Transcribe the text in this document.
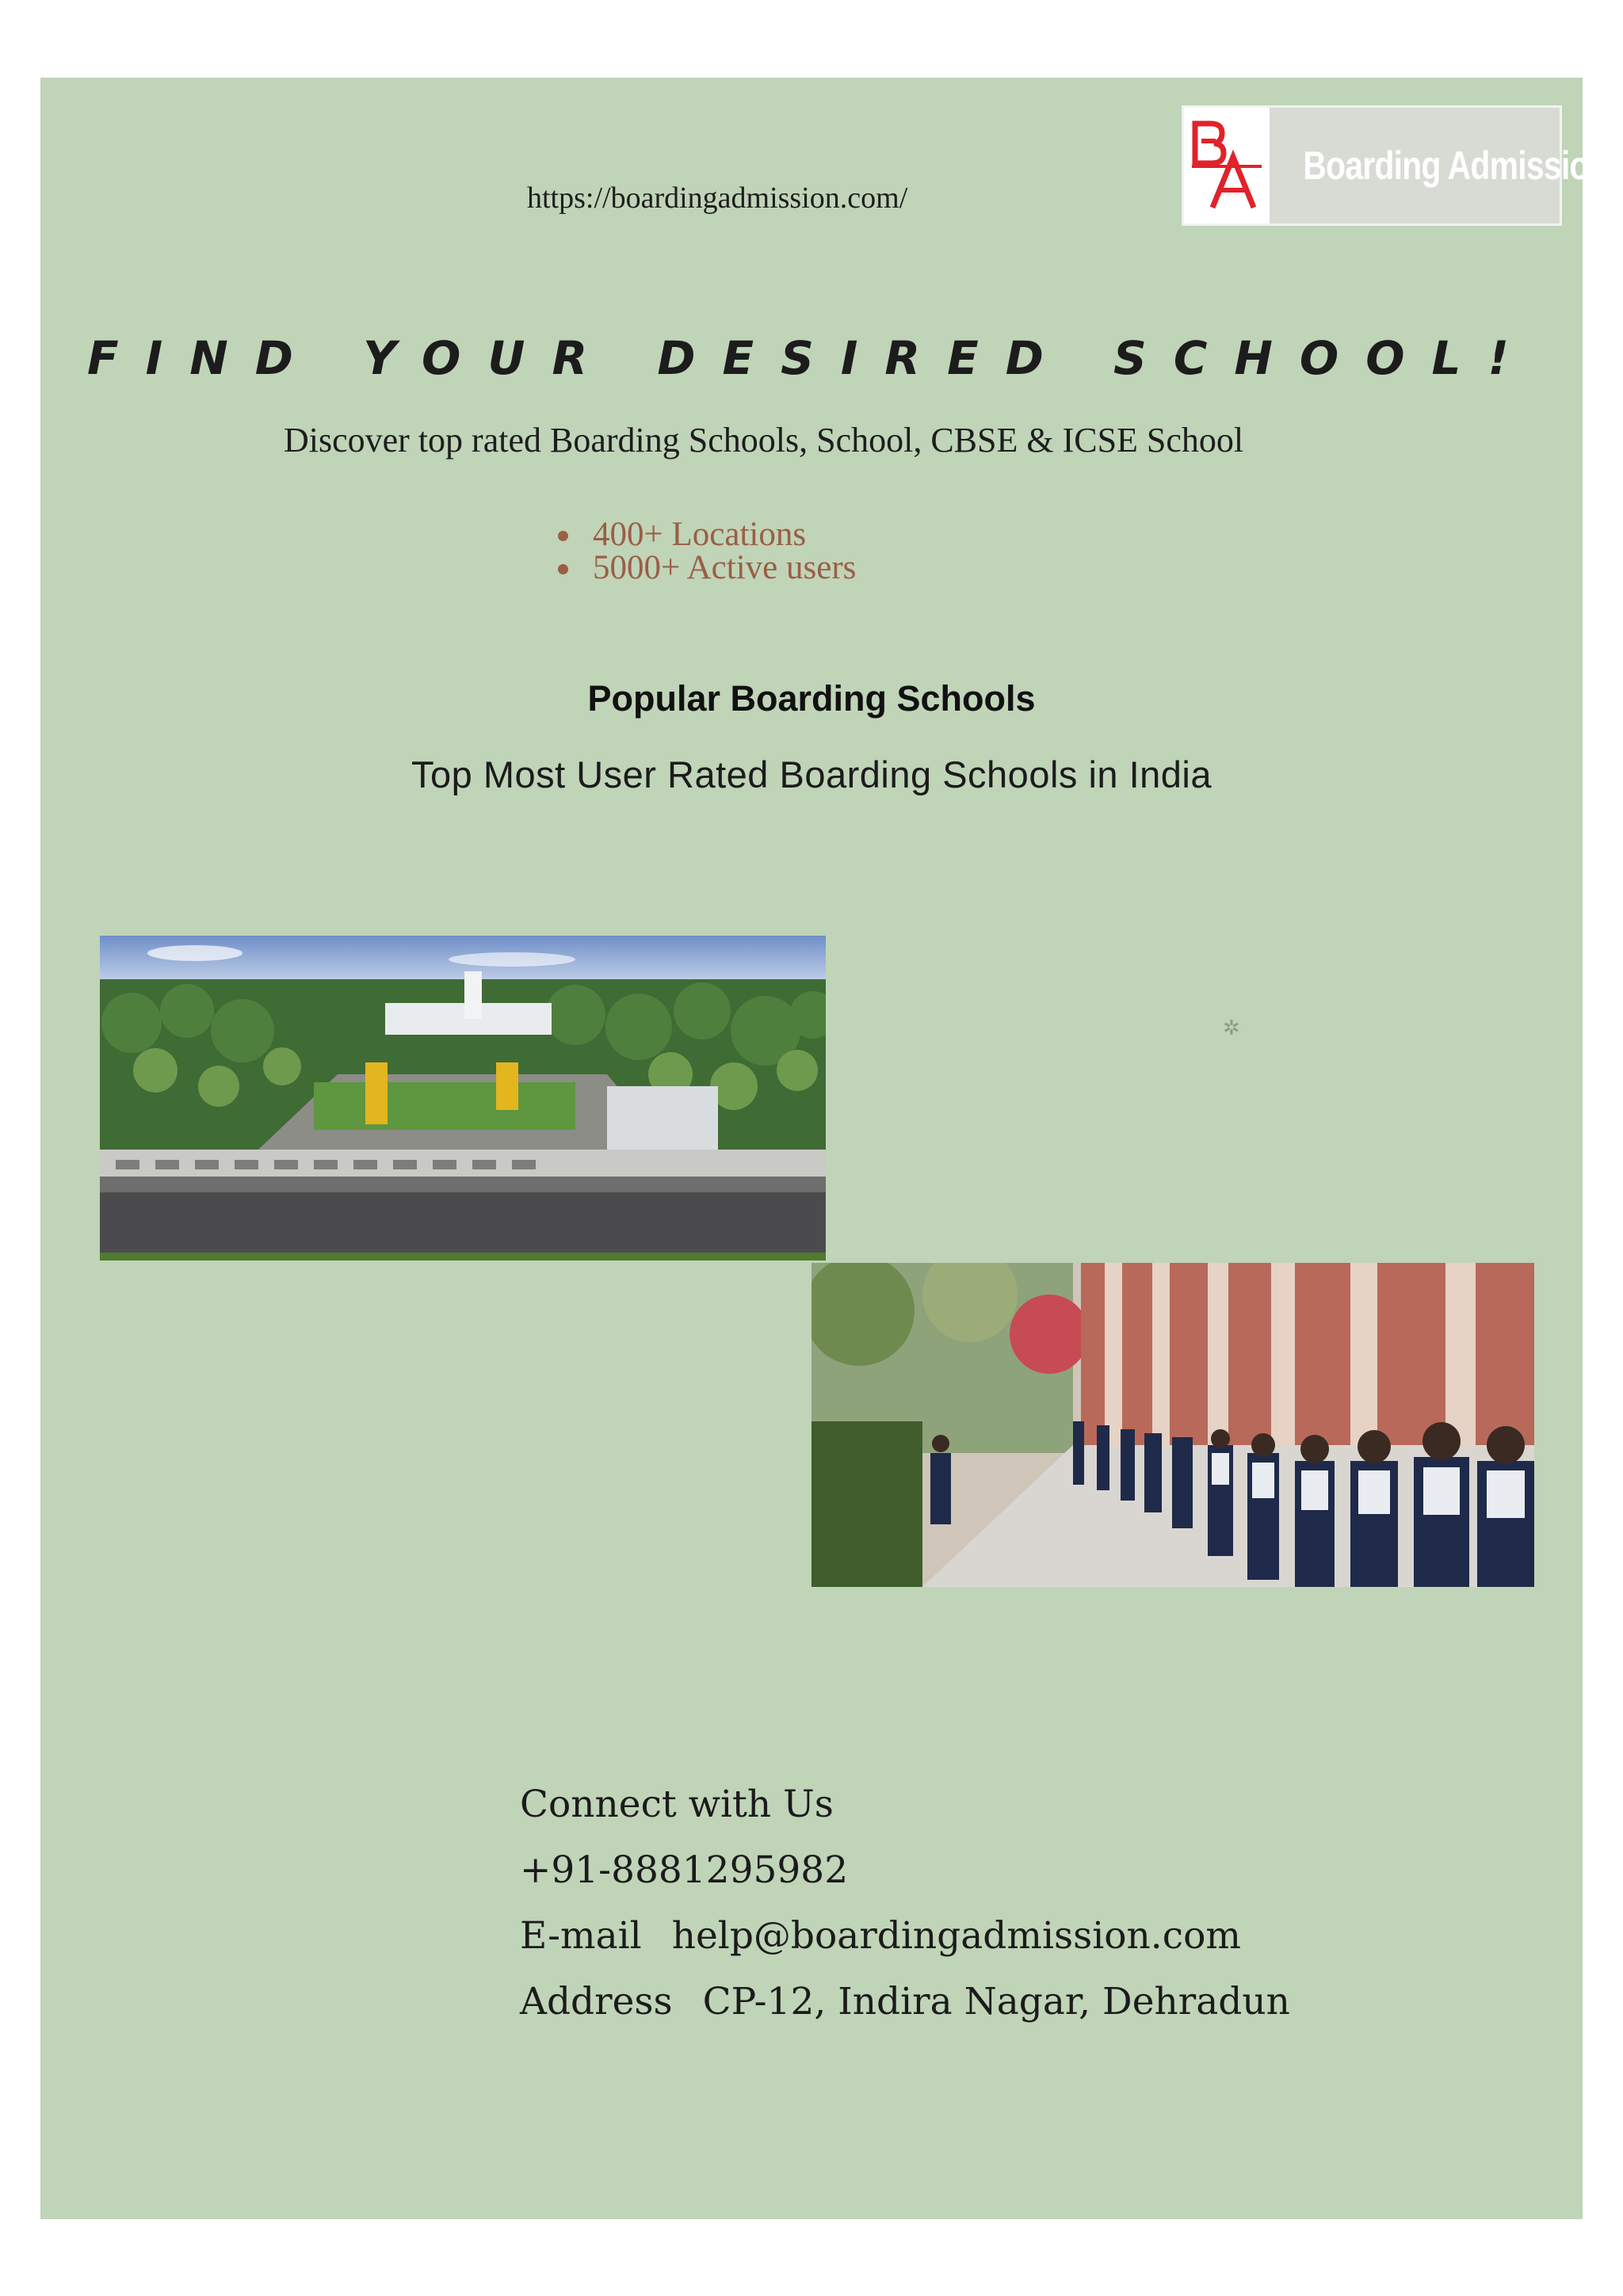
https://boardingadmission.com/
Boarding Admission
FIND YOUR DESIRED SCHOOL!
Discover top rated Boarding Schools, School, CBSE & ICSE School
400+ Locations
5000+ Active users
Popular Boarding Schools
Top Most User Rated Boarding Schools in India
✲
Connect with Us
+91-8881295982
E-mail help@boardingadmission.com
Address CP-12, Indira Nagar, Dehradun
